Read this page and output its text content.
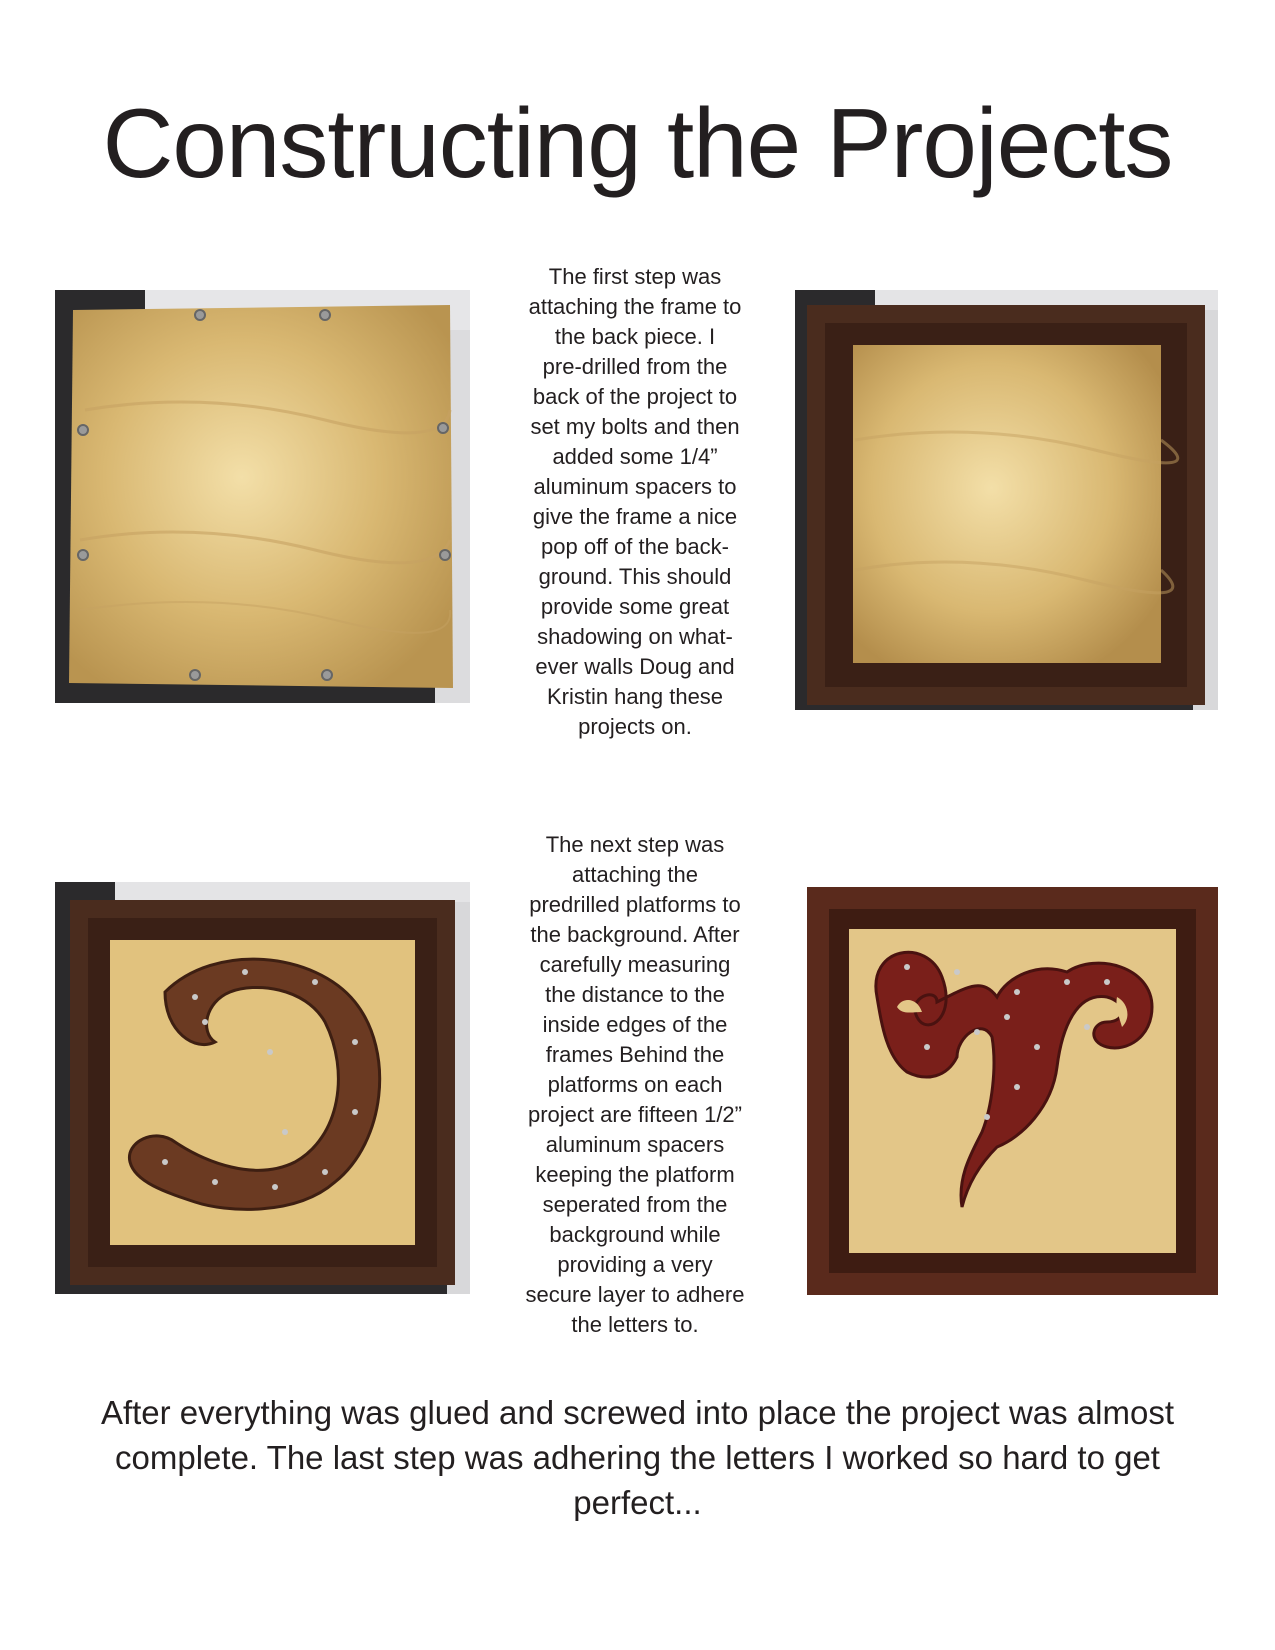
Constructing the Projects
The first step was
attaching the frame to
the back piece. I
pre-drilled from the
back of the project to
set my bolts and then
added some 1/4”
aluminum spacers to
give the frame a nice
pop off of the back-
ground. This should
provide some great
shadowing on what-
ever walls Doug and
Kristin hang these
projects on.
The next step was
attaching the
predrilled platforms to
the background. After
carefully measuring
the distance to the
inside edges of the
frames Behind the
platforms on each
project are fifteen 1/2”
aluminum spacers
keeping the platform
seperated from the
background while
providing a very
secure layer to adhere
the letters to.
After everything was glued and screwed into place the project was almost complete. The last step was adhering the letters I worked so hard to get perfect...
